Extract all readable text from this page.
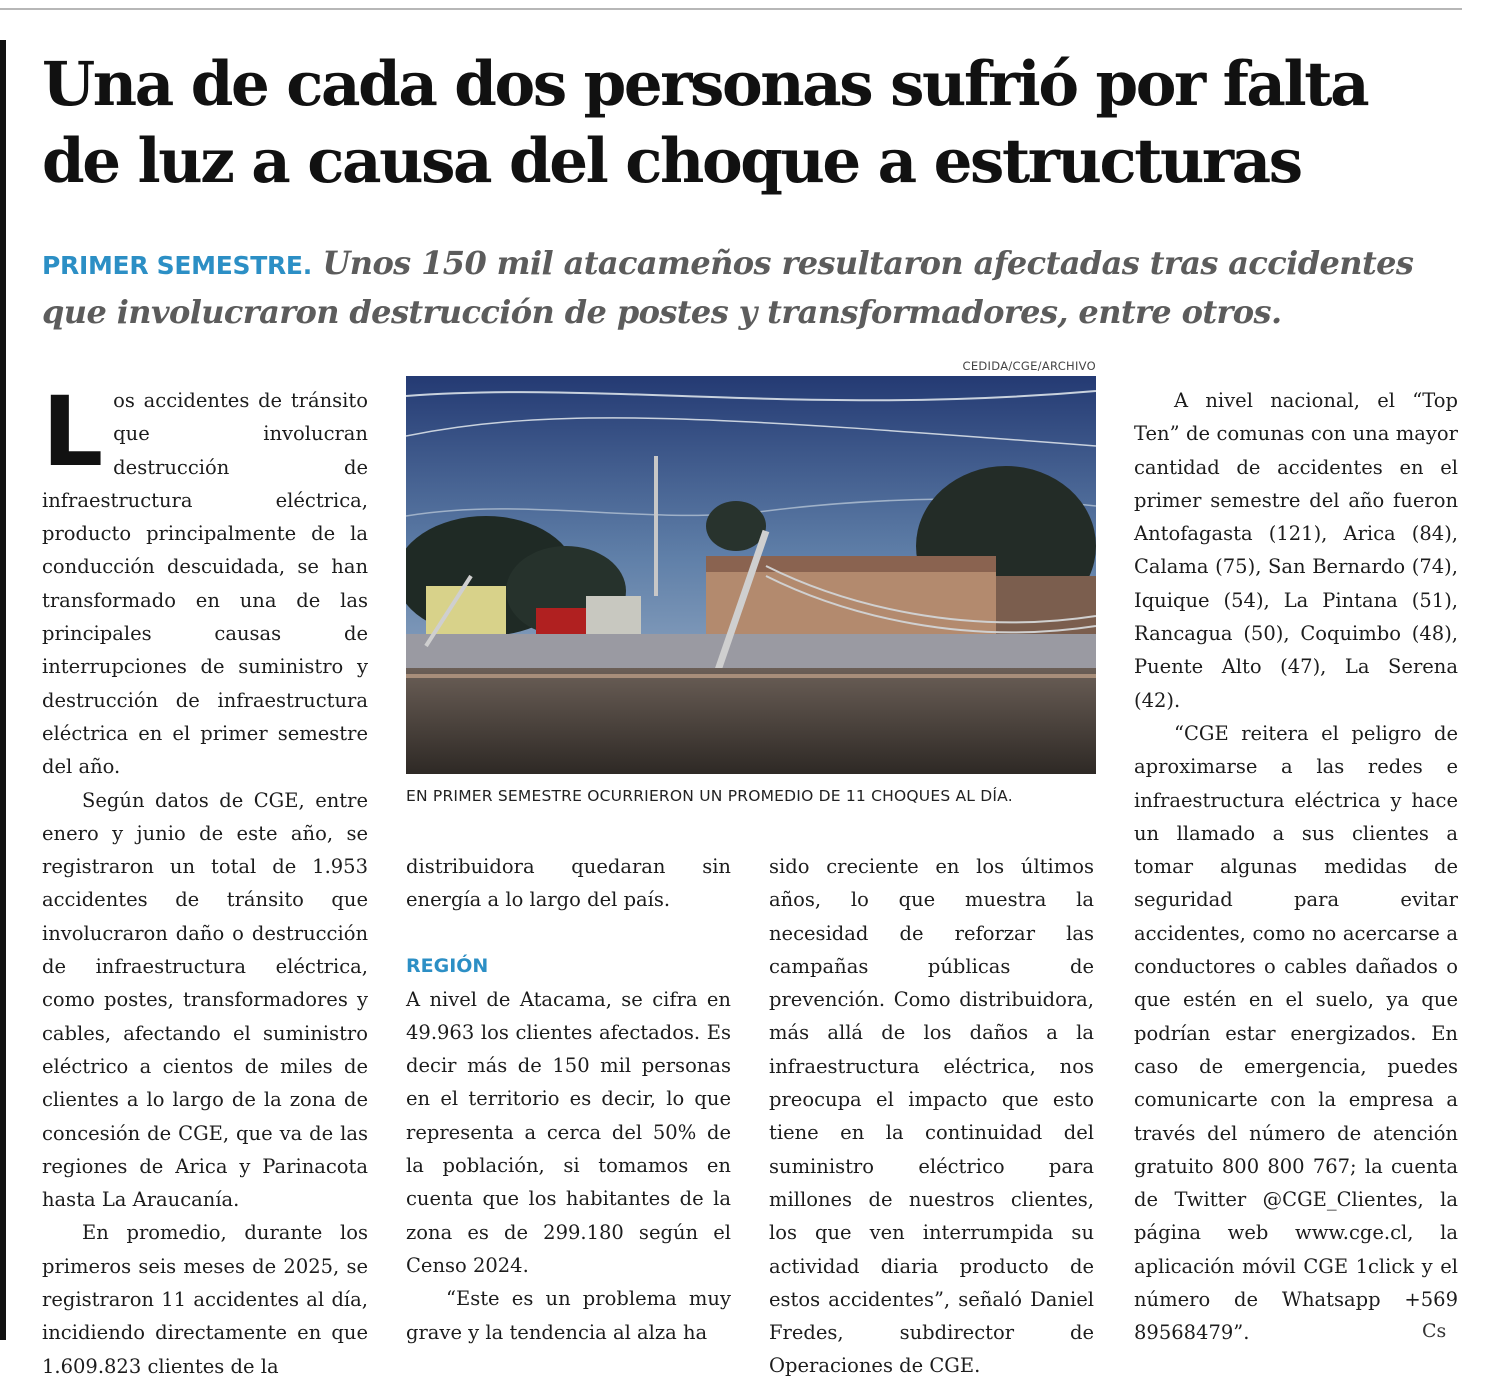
Una de cada dos personas sufrió por falta de luz a causa del choque a estructuras

PRIMER SEMESTRE. Unos 150 mil atacameños resultaron afectadas tras accidentes que involucraron destrucción de postes y transformadores, entre otros.

Los accidentes de tránsito que involucran destrucción de infraestructura eléctrica, producto principalmente de la conducción descuidada, se han transformado en una de las principales causas de interrupciones de suministro y destrucción de infraestructura eléctrica en el primer semestre del año.

Según datos de CGE, entre enero y junio de este año, se registraron un total de 1.953 accidentes de tránsito que involucraron daño o destrucción de infraestructura eléctrica, como postes, transformadores y cables, afectando el suministro eléctrico a cientos de miles de clientes a lo largo de la zona de concesión de CGE, que va de las regiones de Arica y Parinacota hasta La Araucanía.

En promedio, durante los primeros seis meses de 2025, se registraron 11 accidentes al día, incidiendo directamente en que 1.609.823 clientes de la

CEDIDA/CGE/ARCHIVO
EN PRIMER SEMESTRE OCURRIERON UN PROMEDIO DE 11 CHOQUES AL DÍA.

distribuidora quedaran sin energía a lo largo del país.

REGIÓN

A nivel de Atacama, se cifra en 49.963 los clientes afectados. Es decir más de 150 mil personas en el territorio es decir, lo que representa a cerca del 50% de la población, si tomamos en cuenta que los habitantes de la zona es de 299.180 según el Censo 2024.

“Este es un problema muy grave y la tendencia al alza ha

sido creciente en los últimos años, lo que muestra la necesidad de reforzar las campañas públicas de prevención. Como distribuidora, más allá de los daños a la infraestructura eléctrica, nos preocupa el impacto que esto tiene en la continuidad del suministro eléctrico para millones de nuestros clientes, los que ven interrumpida su actividad diaria producto de estos accidentes”, señaló Daniel Fredes, subdirector de Operaciones de CGE.

A nivel nacional, el “Top Ten” de comunas con una mayor cantidad de accidentes en el primer semestre del año fueron Antofagasta (121), Arica (84), Calama (75), San Bernardo (74), Iquique (54), La Pintana (51), Rancagua (50), Coquimbo (48), Puente Alto (47), La Serena (42).

“CGE reitera el peligro de aproximarse a las redes e infraestructura eléctrica y hace un llamado a sus clientes a tomar algunas medidas de seguridad para evitar accidentes, como no acercarse a conductores o cables dañados o que estén en el suelo, ya que podrían estar energizados. En caso de emergencia, puedes comunicarte con la empresa a través del número de atención gratuito 800 800 767; la cuenta de Twitter @CGE_Clientes, la página web www.cge.cl, la aplicación móvil CGE 1click y el número de Whatsapp +569 89568479”.	Cs
